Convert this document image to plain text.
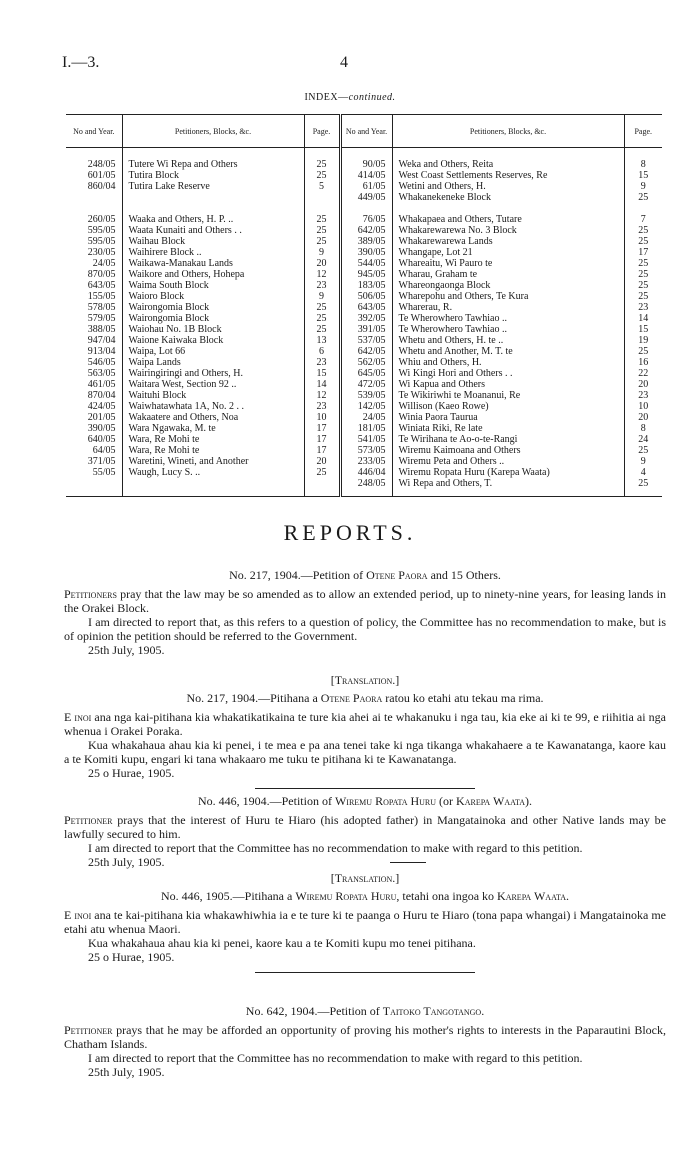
I.—3.	4
INDEX—continued.
No and Year.	Petitioners, Blocks, &c.	Page.	No and Year.	Petitioners, Blocks, &c.	Page.
248/05	Tutere Wi Repa and Others	25	90/05	Weka and Others, Reita	8
601/05	Tutira Block	25	414/05	West Coast Settlements Reserves, Re	15
860/04	Tutira Lake Reserve	5	61/05	Wetini and Others, H.	9
			449/05	Whakanekeneke Block	25
260/05	Waaka and Others, H. P. ..	25	76/05	Whakapaea and Others, Tutare	7
595/05	Waata Kunaiti and Others . .	25	642/05	Whakarewarewa No. 3 Block	25
595/05	Waihau Block	25	389/05	Whakarewarewa Lands	25
230/05	Waihirere Block ..	9	390/05	Whangape, Lot 21	17
24/05	Waikawa-Manakau Lands	20	544/05	Whareaitu, Wi Pauro te	25
870/05	Waikore and Others, Hohepa	12	945/05	Wharau, Graham te	25
643/05	Waima South Block	23	183/05	Whareongaonga Block	25
155/05	Waioro Block	9	506/05	Wharepohu and Others, Te Kura	25
578/05	Wairongomia Block	25	643/05	Wharerau, R.	23
579/05	Wairongomia Block	25	392/05	Te Wherowhero Tawhiao ..	14
388/05	Waiohau No. 1B Block	25	391/05	Te Wherowhero Tawhiao ..	15
947/04	Waione Kaiwaka Block	13	537/05	Whetu and Others, H. te ..	19
913/04	Waipa, Lot 66	6	642/05	Whetu and Another, M. T. te	25
546/05	Waipa Lands	23	562/05	Whiu and Others, H.	16
563/05	Wairingiringi and Others, H.	15	645/05	Wi Kingi Hori and Others . .	22
461/05	Waitara West, Section 92 ..	14	472/05	Wi Kapua and Others	20
870/04	Waituhi Block	12	539/05	Te Wikiriwhi te Moananui, Re	23
424/05	Waiwhatawhata 1A, No. 2 . .	23	142/05	Willison (Kaeo Rowe)	10
201/05	Wakaatere and Others, Noa	10	24/05	Winia Paora Taurua	20
390/05	Wara Ngawaka, M. te	17	181/05	Winiata Riki, Re late	8
640/05	Wara, Re Mohi te	17	541/05	Te Wirihana te Ao-o-te-Rangi	24
64/05	Wara, Re Mohi te	17	573/05	Wiremu Kaimoana and Others	25
371/05	Waretini, Wineti, and Another	20	233/05	Wiremu Peta and Others ..	9
55/05	Waugh, Lucy S. ..	25	446/04	Wiremu Ropata Huru (Karepa Waata)	4
			248/05	Wi Repa and Others, T.	25
REPORTS.
No. 217, 1904.—Petition of Otene Paora and 15 Others.
Petitioners pray that the law may be so amended as to allow an extended period, up to ninety-nine years, for leasing lands in the Orakei Block.
I am directed to report that, as this refers to a question of policy, the Committee has no recommendation to make, but is of opinion the petition should be referred to the Government.
25th July, 1905.
[Translation.]
No. 217, 1904.—Pitihana a Otene Paora ratou ko etahi atu tekau ma rima.
E inoi ana nga kai-pitihana kia whakatikatikaina te ture kia ahei ai te whakanuku i nga tau, kia eke ai ki te 99, e riihitia ai nga whenua i Orakei Poraka.
Kua whakahaua ahau kia ki penei, i te mea e pa ana tenei take ki nga tikanga whakahaere a te Kawanatanga, kaore kau a te Komiti kupu, engari ki tana whakaaro me tuku te pitihana ki te Kawanatanga.
25 o Hurae, 1905.
No. 446, 1904.—Petition of Wiremu Ropata Huru (or Karepa Waata).
Petitioner prays that the interest of Huru te Hiaro (his adopted father) in Mangatainoka and other Native lands may be lawfully secured to him.
I am directed to report that the Committee has no recommendation to make with regard to this petition.
25th July, 1905.
[Translation.]
No. 446, 1905.—Pitihana a Wiremu Ropata Huru, tetahi ona ingoa ko Karepa Waata.
E inoi ana te kai-pitihana kia whakawhiwhia ia e te ture ki te paanga o Huru te Hiaro (tona papa whangai) i Mangatainoka me etahi atu whenua Maori.
Kua whakahaua ahau kia ki penei, kaore kau a te Komiti kupu mo tenei pitihana.
25 o Hurae, 1905.
No. 642, 1904.—Petition of Taitoko Tangotango.
Petitioner prays that he may be afforded an opportunity of proving his mother's rights to interests in the Paparautini Block, Chatham Islands.
I am directed to report that the Committee has no recommendation to make with regard to this petition.
25th July, 1905.
